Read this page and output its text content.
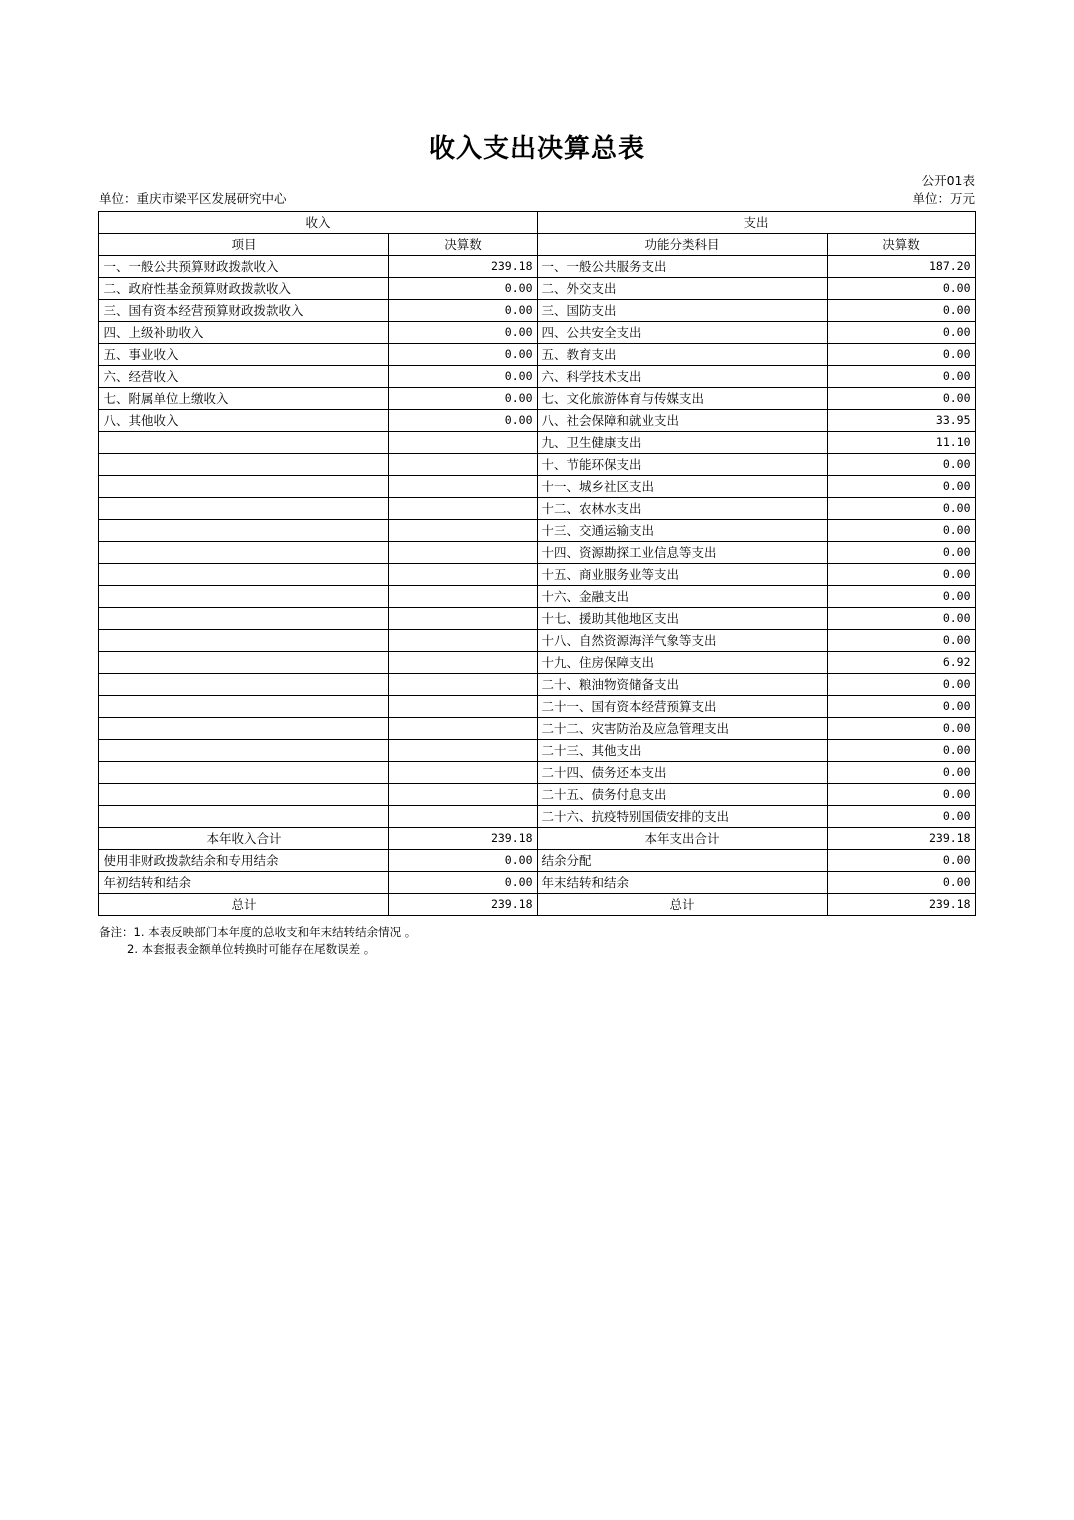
收入支出决算总表
公开01表
单位：重庆市梁平区发展研究中心	单位：万元
收入		支出	
项目	决算数	功能分类科目	决算数
一、一般公共预算财政拨款收入	239.18	一、一般公共服务支出	187.20
二、政府性基金预算财政拨款收入	0.00	二、外交支出	0.00
三、国有资本经营预算财政拨款收入	0.00	三、国防支出	0.00
四、上级补助收入	0.00	四、公共安全支出	0.00
五、事业收入	0.00	五、教育支出	0.00
六、经营收入	0.00	六、科学技术支出	0.00
七、附属单位上缴收入	0.00	七、文化旅游体育与传媒支出	0.00
八、其他收入	0.00	八、社会保障和就业支出	33.95
		九、卫生健康支出	11.10
		十、节能环保支出	0.00
		十一、城乡社区支出	0.00
		十二、农林水支出	0.00
		十三、交通运输支出	0.00
		十四、资源勘探工业信息等支出	0.00
		十五、商业服务业等支出	0.00
		十六、金融支出	0.00
		十七、援助其他地区支出	0.00
		十八、自然资源海洋气象等支出	0.00
		十九、住房保障支出	6.92
		二十、粮油物资储备支出	0.00
		二十一、国有资本经营预算支出	0.00
		二十二、灾害防治及应急管理支出	0.00
		二十三、其他支出	0.00
		二十四、债务还本支出	0.00
		二十五、债务付息支出	0.00
		二十六、抗疫特别国债安排的支出	0.00
本年收入合计	239.18	本年支出合计	239.18
使用非财政拨款结余和专用结余	0.00	结余分配	0.00
年初结转和结余	0.00	年末结转和结余	0.00
总计	239.18	总计	239.18
备注：1. 本表反映部门本年度的总收支和年末结转结余情况 。
2. 本套报表金额单位转换时可能存在尾数误差 。
